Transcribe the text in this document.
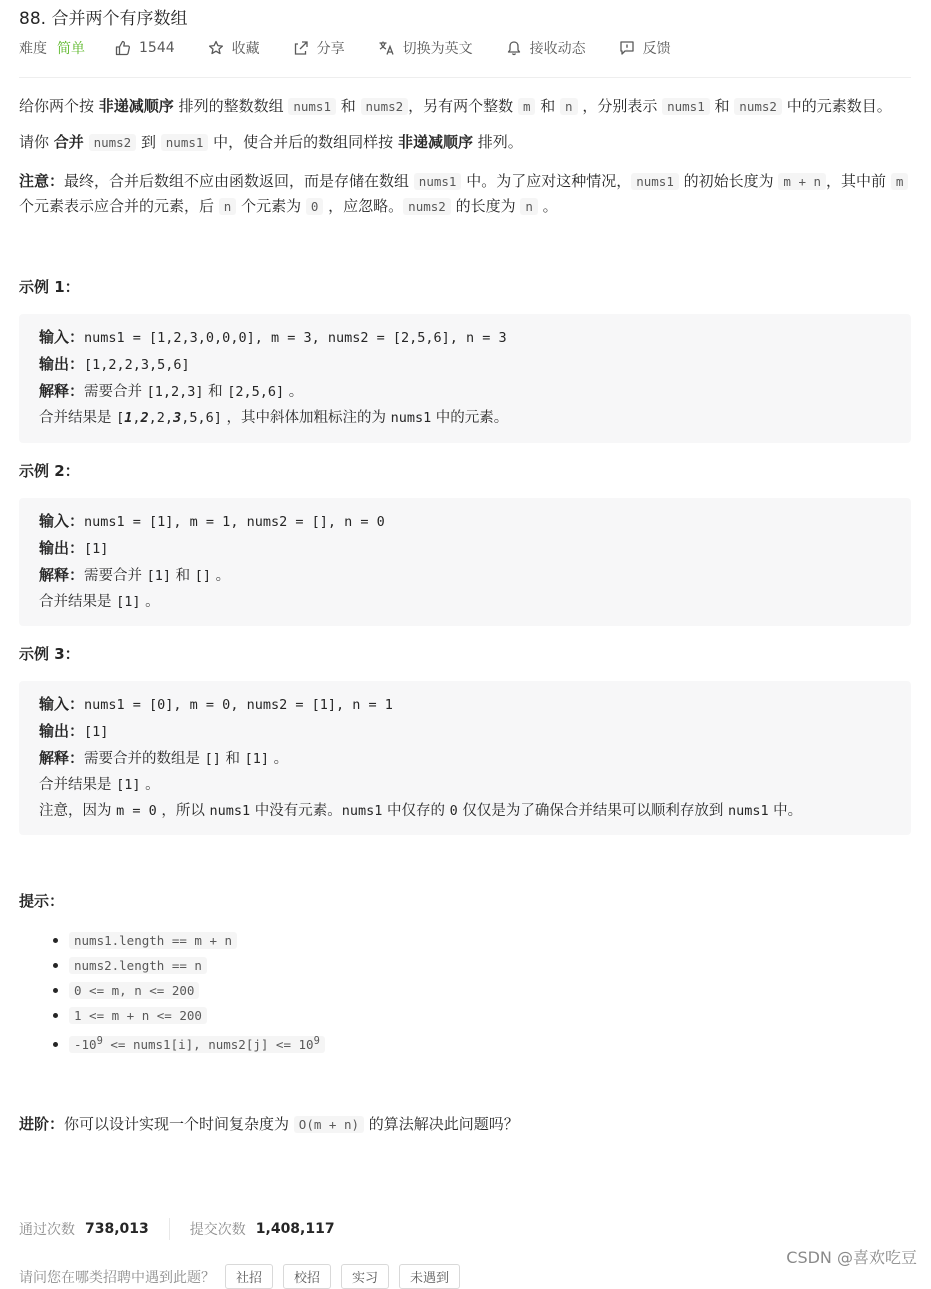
88. 合并两个有序数组
难度 简单	1544	收藏	分享	切换为英文	接收动态	反馈

给你两个按 非递减顺序 排列的整数数组 nums1 和 nums2 ，另有两个整数 m 和 n ，分别表示 nums1 和 nums2 中的元素数目。

请你 合并 nums2 到 nums1 中，使合并后的数组同样按 非递减顺序 排列。

注意：最终，合并后数组不应由函数返回，而是存储在数组 nums1 中。为了应对这种情况， nums1 的初始长度为 m + n ，其中前 m 个元素表示应合并的元素，后 n 个元素为 0 ，应忽略。 nums2 的长度为 n 。

示例 1：
输入：nums1 = [1,2,3,0,0,0], m = 3, nums2 = [2,5,6], n = 3
输出：[1,2,2,3,5,6]
解释：需要合并 [1,2,3] 和 [2,5,6] 。
合并结果是 [1,2,2,3,5,6] ，其中斜体加粗标注的为 nums1 中的元素。
示例 2：
输入：nums1 = [1], m = 1, nums2 = [], n = 0
输出：[1]
解释：需要合并 [1] 和 [] 。
合并结果是 [1] 。
示例 3：
输入：nums1 = [0], m = 0, nums2 = [1], n = 1
输出：[1]
解释：需要合并的数组是 [] 和 [1] 。
合并结果是 [1] 。
注意，因为 m = 0 ，所以 nums1 中没有元素。nums1 中仅存的 0 仅仅是为了确保合并结果可以顺利存放到 nums1 中。
提示：
• nums1.length == m + n
• nums2.length == n
• 0 <= m, n <= 200
• 1 <= m + n <= 200
• $-10^9$ <= nums1[i], nums2[j] <= $10^9$

进阶：你可以设计实现一个时间复杂度为 O(m + n) 的算法解决此问题吗？

通过次数 738,013	提交次数 1,408,117
请问您在哪类招聘中遇到此题？	社招	校招	实习	未遇到
CSDN @喜欢吃豆
